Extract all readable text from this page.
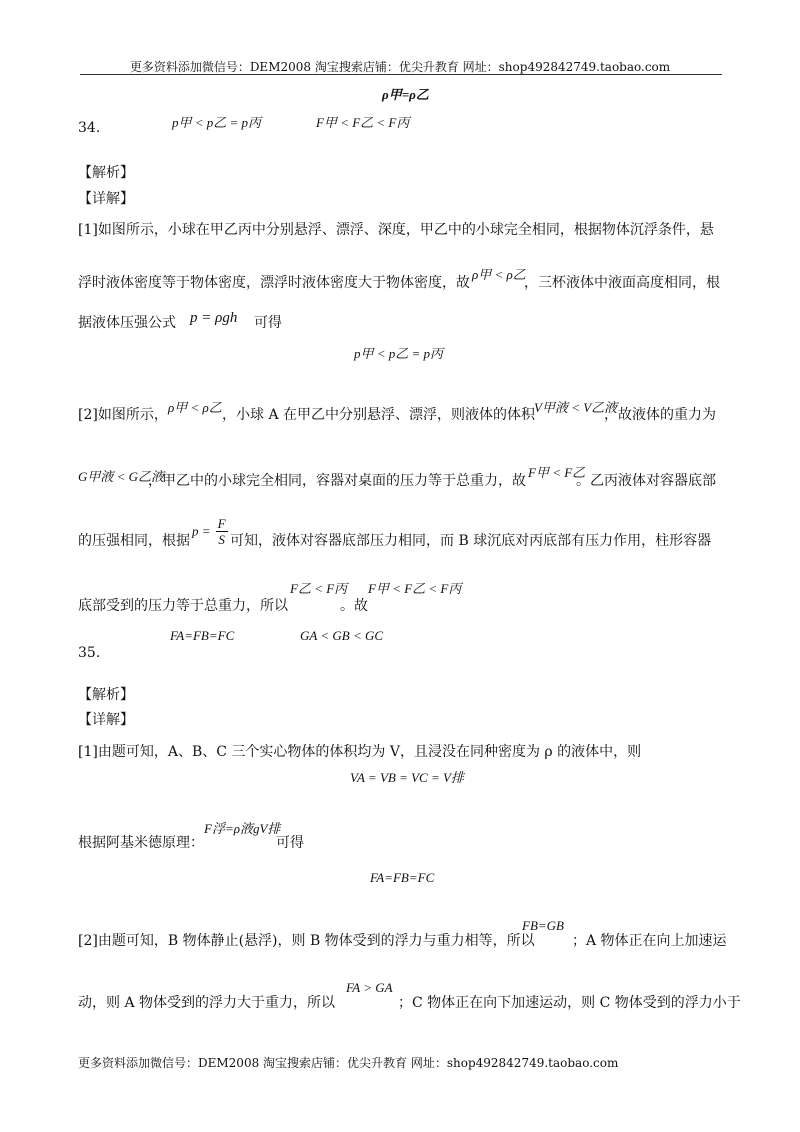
更多资料添加微信号：DEM2008 淘宝搜索店铺：优尖升教育 网址：shop492842749.taobao.com
ρ甲=ρ乙
34.	p甲 < p乙 = p丙	F甲 < F乙 < F丙
【解析】
【详解】
[1]如图所示，小球在甲乙丙中分别悬浮、漂浮、深度，甲乙中的小球完全相同，根据物体沉浮条件，悬
浮时液体密度等于物体密度，漂浮时液体密度大于物体密度，故
ρ甲 < ρ乙
，三杯液体中液面高度相同，根
据液体压强公式 p = ρgh 可得
p甲 < p乙 = p丙
[2]如图所示， ρ甲 < ρ乙 ，小球 A 在甲乙中分别悬浮、漂浮，则液体的体积
V甲液 < V乙液
，故液体的重力为
G甲液 < G乙液
，甲乙中的小球完全相同，容器对桌面的压力等于总重力，故
F甲 < F乙
。乙丙液体对容器底部
的压强相同，根据
$p = \frac{F}{S}$ 可知，液体对容器底部压力相同，而 B 球沉底对丙底部有压力作用，柱形容器
底部受到的压力等于总重力，所以
F乙 < F丙
。故
F甲 < F乙 < F丙
35.
FA=FB=FC	GA < GB < GC
【解析】
【详解】
[1]由题可知，A、B、C 三个实心物体的体积均为 V，且浸没在同种密度为 ρ 的液体中，则
VA = VB = VC = V排
根据阿基米德原理：
F浮=ρ液gV排
可得
FA=FB=FC
[2]由题可知，B 物体静止(悬浮)，则 B 物体受到的浮力与重力相等，所以
FB=GB
；A 物体正在向上加速运
动，则 A 物体受到的浮力大于重力，所以
FA > GA
；C 物体正在向下加速运动，则 C 物体受到的浮力小于
更多资料添加微信号：DEM2008 淘宝搜索店铺：优尖升教育 网址：shop492842749.taobao.com
